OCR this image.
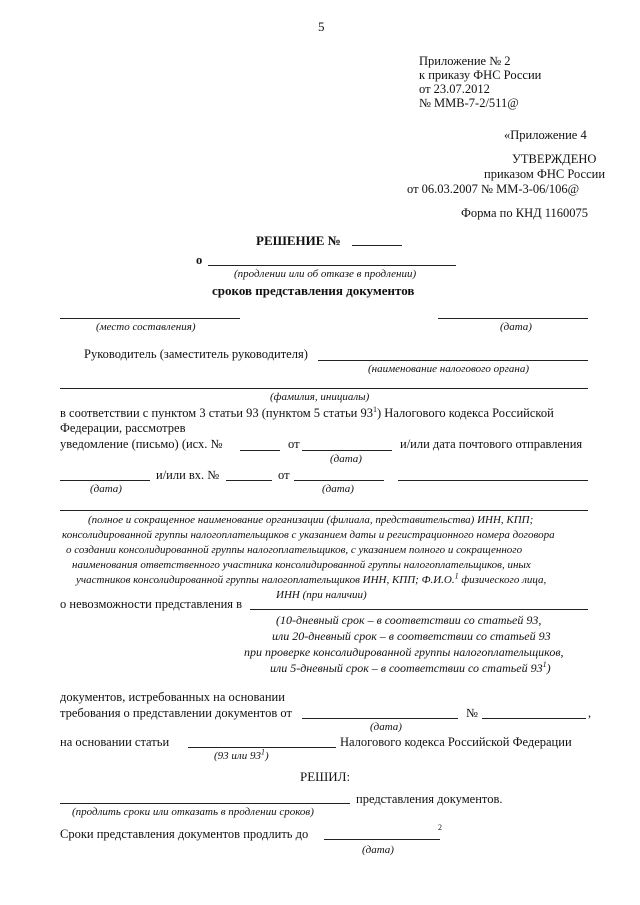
5
Приложение № 2
к приказу ФНС России
от 23.07.2012
№ ММВ-7-2/511@
«Приложение 4
УТВЕРЖДЕНО
приказом ФНС России
от 06.03.2007 № ММ-3-06/106@
Форма по КНД 1160075
РЕШЕНИЕ №
о
(продлении или об отказе в продлении)
сроков представления документов
(место составления)	(дата)
Руководитель (заместитель руководителя)
(наименование налогового органа)
(фамилия, инициалы)
в соответствии с пунктом 3 статьи 93 (пунктом 5 статьи $93^1$) Налогового кодекса Российской
Федерации, рассмотрев
уведомление (письмо) (исх. №	от	и/или дата почтового отправления
(дата)
и/или вх. №	от
(дата)	(дата)
(полное и сокращенное наименование организации (филиала, представительства) ИНН, КПП;
консолидированной группы налогоплательщиков с указанием даты и регистрационного номера договора
о создании консолидированной группы налогоплательщиков, с указанием полного и сокращенного
наименования ответственного участника консолидированной группы налогоплательщиков, иных
участников консолидированной группы налогоплательщиков ИНН, КПП; Ф.И.О.$^1$ физического лица,
ИНН (при наличии)
о невозможности представления в
(10-дневный срок – в соответствии со статьей 93,
или 20-дневный срок – в соответствии со статьей 93
при проверке консолидированной группы налогоплательщиков,
или 5-дневный срок – в соответствии со статьей $93^1$)
документов, истребованных на основании
требования о представлении документов от	№	,
(дата)
на основании статьи	Налогового кодекса Российской Федерации
(93 или $93^1$)
РЕШИЛ:
представления документов.
(продлить сроки или отказать в продлении сроков)
Сроки представления документов продлить до	2
(дата)
